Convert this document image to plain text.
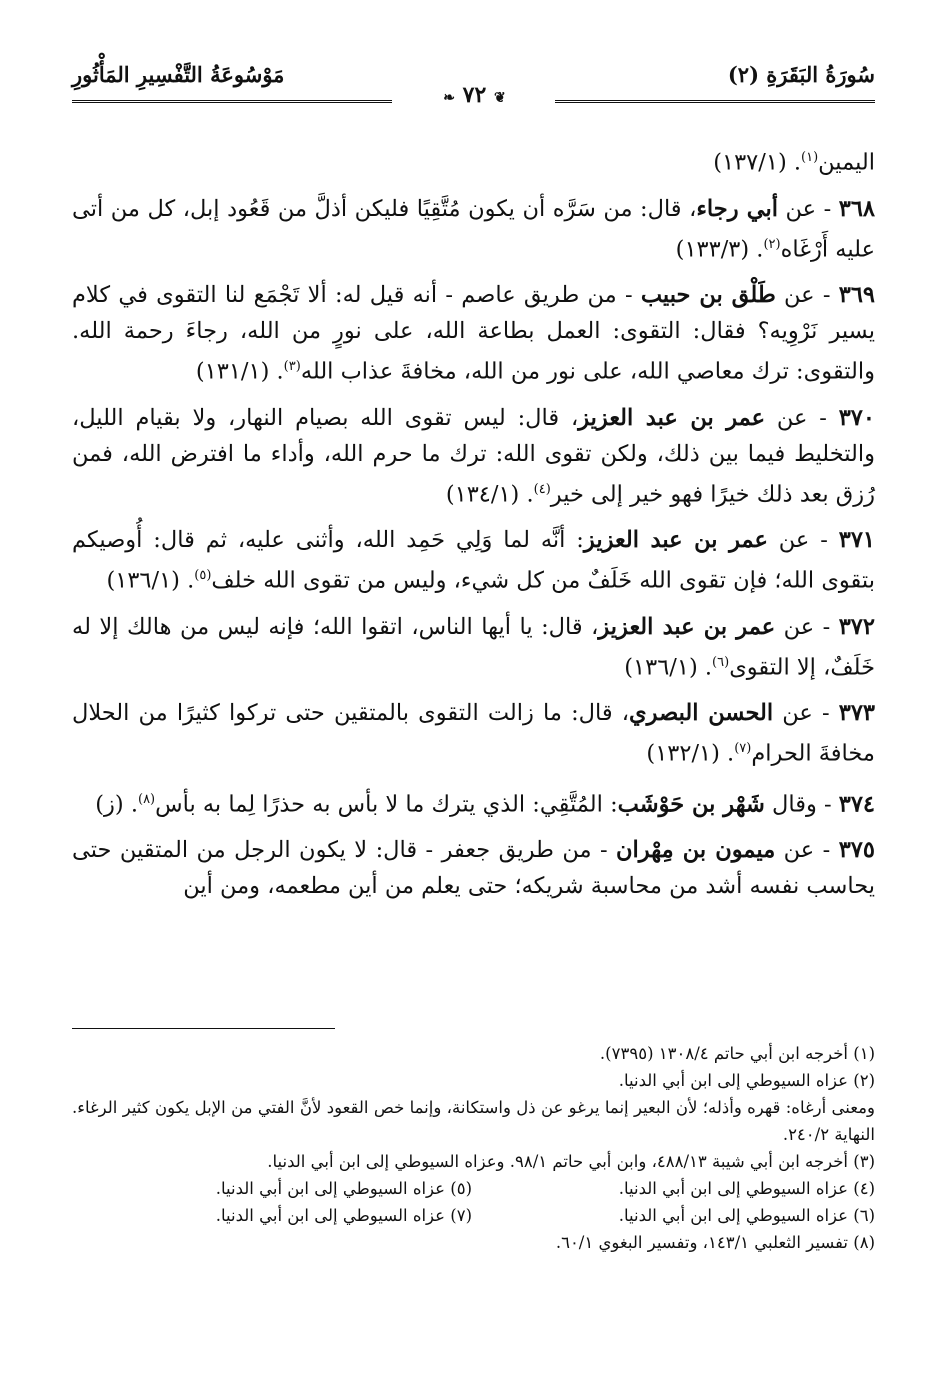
سُورَةُ البَقَرَةِ (٢)
مَوْسُوعَةُ التَّفْسِيرِ المَأْثُورِ
❦ ٧٢ ❧
اليمين$^{(١)}$. (١٣٧/١)
٣٦٨ - عن أبي رجاء، قال: من سَرَّه أن يكون مُتَّقِيًا فليكن أذلَّ من قَعُود إبل، كل من أتى عليه أَرْغَاه$^{(٢)}$. (١٣٣/٣)
٣٦٩ - عن طَلْق بن حبيب - من طريق عاصم - أنه قيل له: ألا تَجْمَع لنا التقوى في كلام يسير نَرْوِيه؟ فقال: التقوى: العمل بطاعة الله، على نورٍ من الله، رجاءَ رحمة الله. والتقوى: ترك معاصي الله، على نور من الله، مخافةَ عذاب الله$^{(٣)}$. (١٣١/١)
٣٧٠ - عن عمر بن عبد العزيز، قال: ليس تقوى الله بصيام النهار، ولا بقيام الليل، والتخليط فيما بين ذلك، ولكن تقوى الله: ترك ما حرم الله، وأداء ما افترض الله، فمن رُزق بعد ذلك خيرًا فهو خير إلى خير$^{(٤)}$. (١٣٤/١)
٣٧١ - عن عمر بن عبد العزيز: أنَّه لما وَلِي حَمِد الله، وأثنى عليه، ثم قال: أُوصيكم بتقوى الله؛ فإن تقوى الله خَلَفٌ من كل شيء، وليس من تقوى الله خلف$^{(٥)}$. (١٣٦/١)
٣٧٢ - عن عمر بن عبد العزيز، قال: يا أيها الناس، اتقوا الله؛ فإنه ليس من هالك إلا له خَلَفٌ، إلا التقوى$^{(٦)}$. (١٣٦/١)
٣٧٣ - عن الحسن البصري، قال: ما زالت التقوى بالمتقين حتى تركوا كثيرًا من الحلال مخافةَ الحرام$^{(٧)}$. (١٣٢/١)
٣٧٤ - وقال شَهْر بن حَوْشَب: المُتَّقِي: الذي يترك ما لا بأس به حذرًا لِما به بأس$^{(٨)}$. (ز)
٣٧٥ - عن ميمون بن مِهْران - من طريق جعفر - قال: لا يكون الرجل من المتقين حتى يحاسب نفسه أشد من محاسبة شريكه؛ حتى يعلم من أين مطعمه، ومن أين
(١) أخرجه ابن أبي حاتم ١٣٠٨/٤ (٧٣٩٥).
(٢) عزاه السيوطي إلى ابن أبي الدنيا.
ومعنى أرغاه: قهره وأذله؛ لأن البعير إنما يرغو عن ذل واستكانة، وإنما خص القعود لأنَّ الفتي من الإبل يكون كثير الرغاء. النهاية ٢٤٠/٢.
(٣) أخرجه ابن أبي شيبة ٤٨٨/١٣، وابن أبي حاتم ٩٨/١. وعزاه السيوطي إلى ابن أبي الدنيا.
(٤) عزاه السيوطي إلى ابن أبي الدنيا.
(٥) عزاه السيوطي إلى ابن أبي الدنيا.
(٦) عزاه السيوطي إلى ابن أبي الدنيا.
(٧) عزاه السيوطي إلى ابن أبي الدنيا.
(٨) تفسير الثعلبي ١٤٣/١، وتفسير البغوي ٦٠/١.
